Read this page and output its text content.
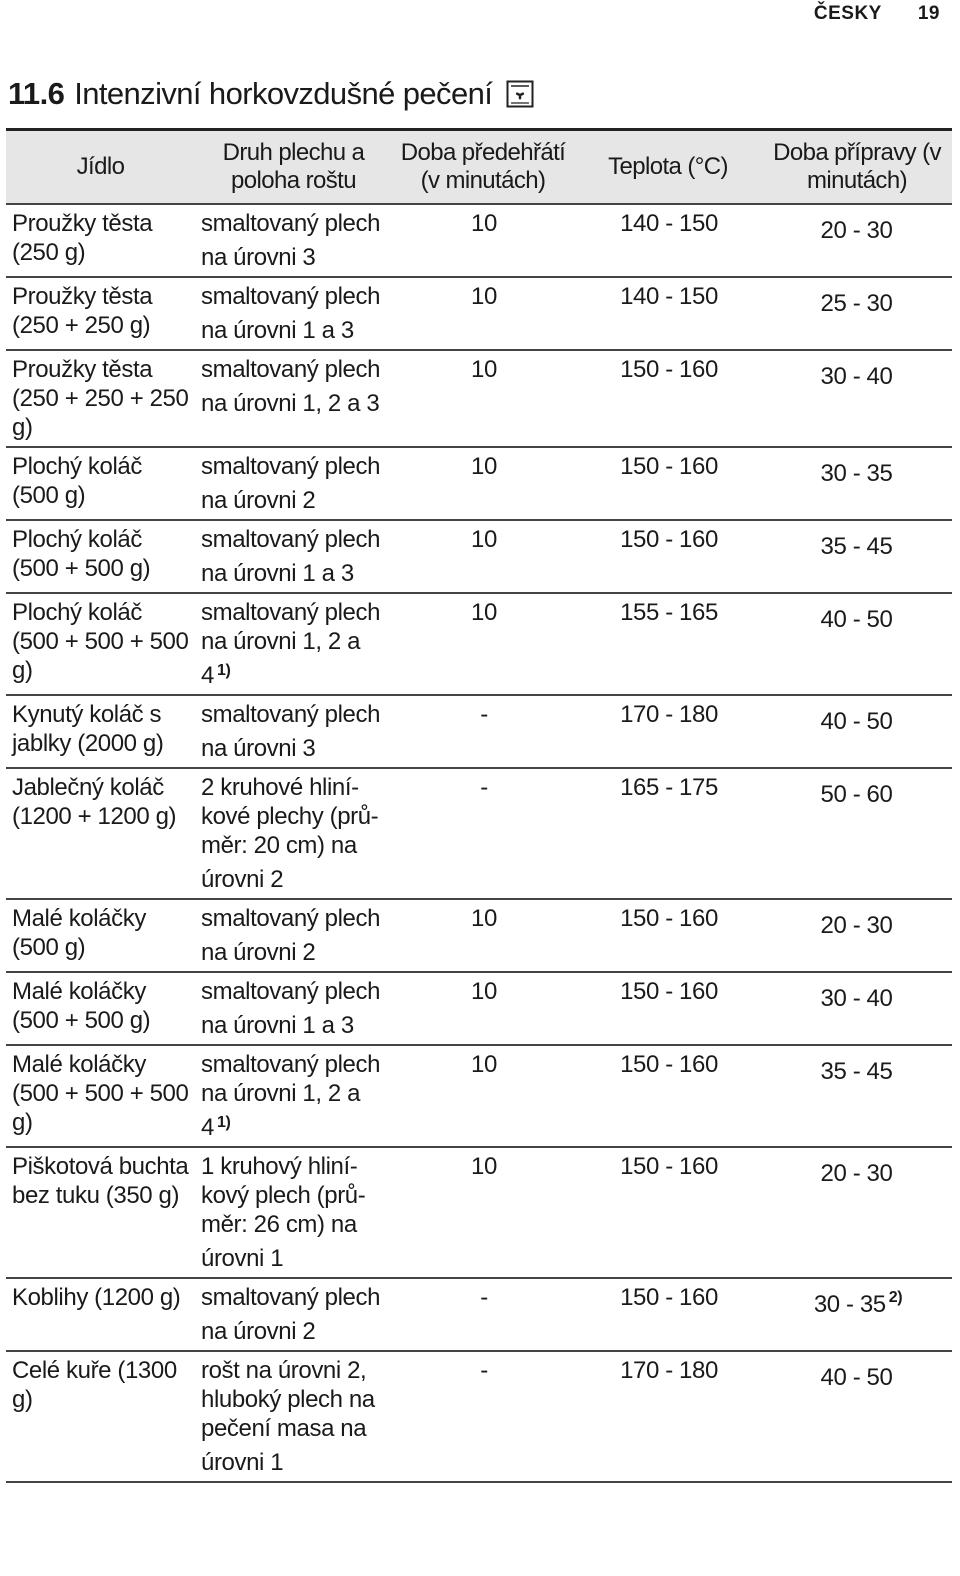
ČESKY 19
11.6 Intenzivní horkovzdušné pečení
Jídlo	Druh plechu a poloha roštu	Doba předehřátí (v minutách)	Teplota (°C)	Doba přípravy (v minutách)
Proužky těsta (250 g)	smaltovaný plech na úrovni 3	10	140 - 150	20 - 30
Proužky těsta (250 + 250 g)	smaltovaný plech na úrovni 1 a 3	10	140 - 150	25 - 30
Proužky těsta (250 + 250 + 250 g)	smaltovaný plech na úrovni 1, 2 a 3	10	150 - 160	30 - 40
Plochý koláč (500 g)	smaltovaný plech na úrovni 2	10	150 - 160	30 - 35
Plochý koláč (500 + 500 g)	smaltovaný plech na úrovni 1 a 3	10	150 - 160	35 - 45
Plochý koláč (500 + 500 + 500 g)	smaltovaný plech na úrovni 1, 2 a 4 $^{1)}$	10	155 - 165	40 - 50
Kynutý koláč s jablky (2000 g)	smaltovaný plech na úrovni 3	-	170 - 180	40 - 50
Jablečný koláč (1200 + 1200 g)	2 kruhové hliní-kové plechy (prů-měr: 20 cm) na úrovni 2	-	165 - 175	50 - 60
Malé koláčky (500 g)	smaltovaný plech na úrovni 2	10	150 - 160	20 - 30
Malé koláčky (500 + 500 g)	smaltovaný plech na úrovni 1 a 3	10	150 - 160	30 - 40
Malé koláčky (500 + 500 + 500 g)	smaltovaný plech na úrovni 1, 2 a 4 $^{1)}$	10	150 - 160	35 - 45
Piškotová buchta bez tuku (350 g)	1 kruhový hliní-kový plech (prů-měr: 26 cm) na úrovni 1	10	150 - 160	20 - 30
Koblihy (1200 g)	smaltovaný plech na úrovni 2	-	150 - 160	30 - 35 $^{2)}$
Celé kuře (1300 g)	rošt na úrovni 2, hluboký plech na pečení masa na úrovni 1	-	170 - 180	40 - 50
